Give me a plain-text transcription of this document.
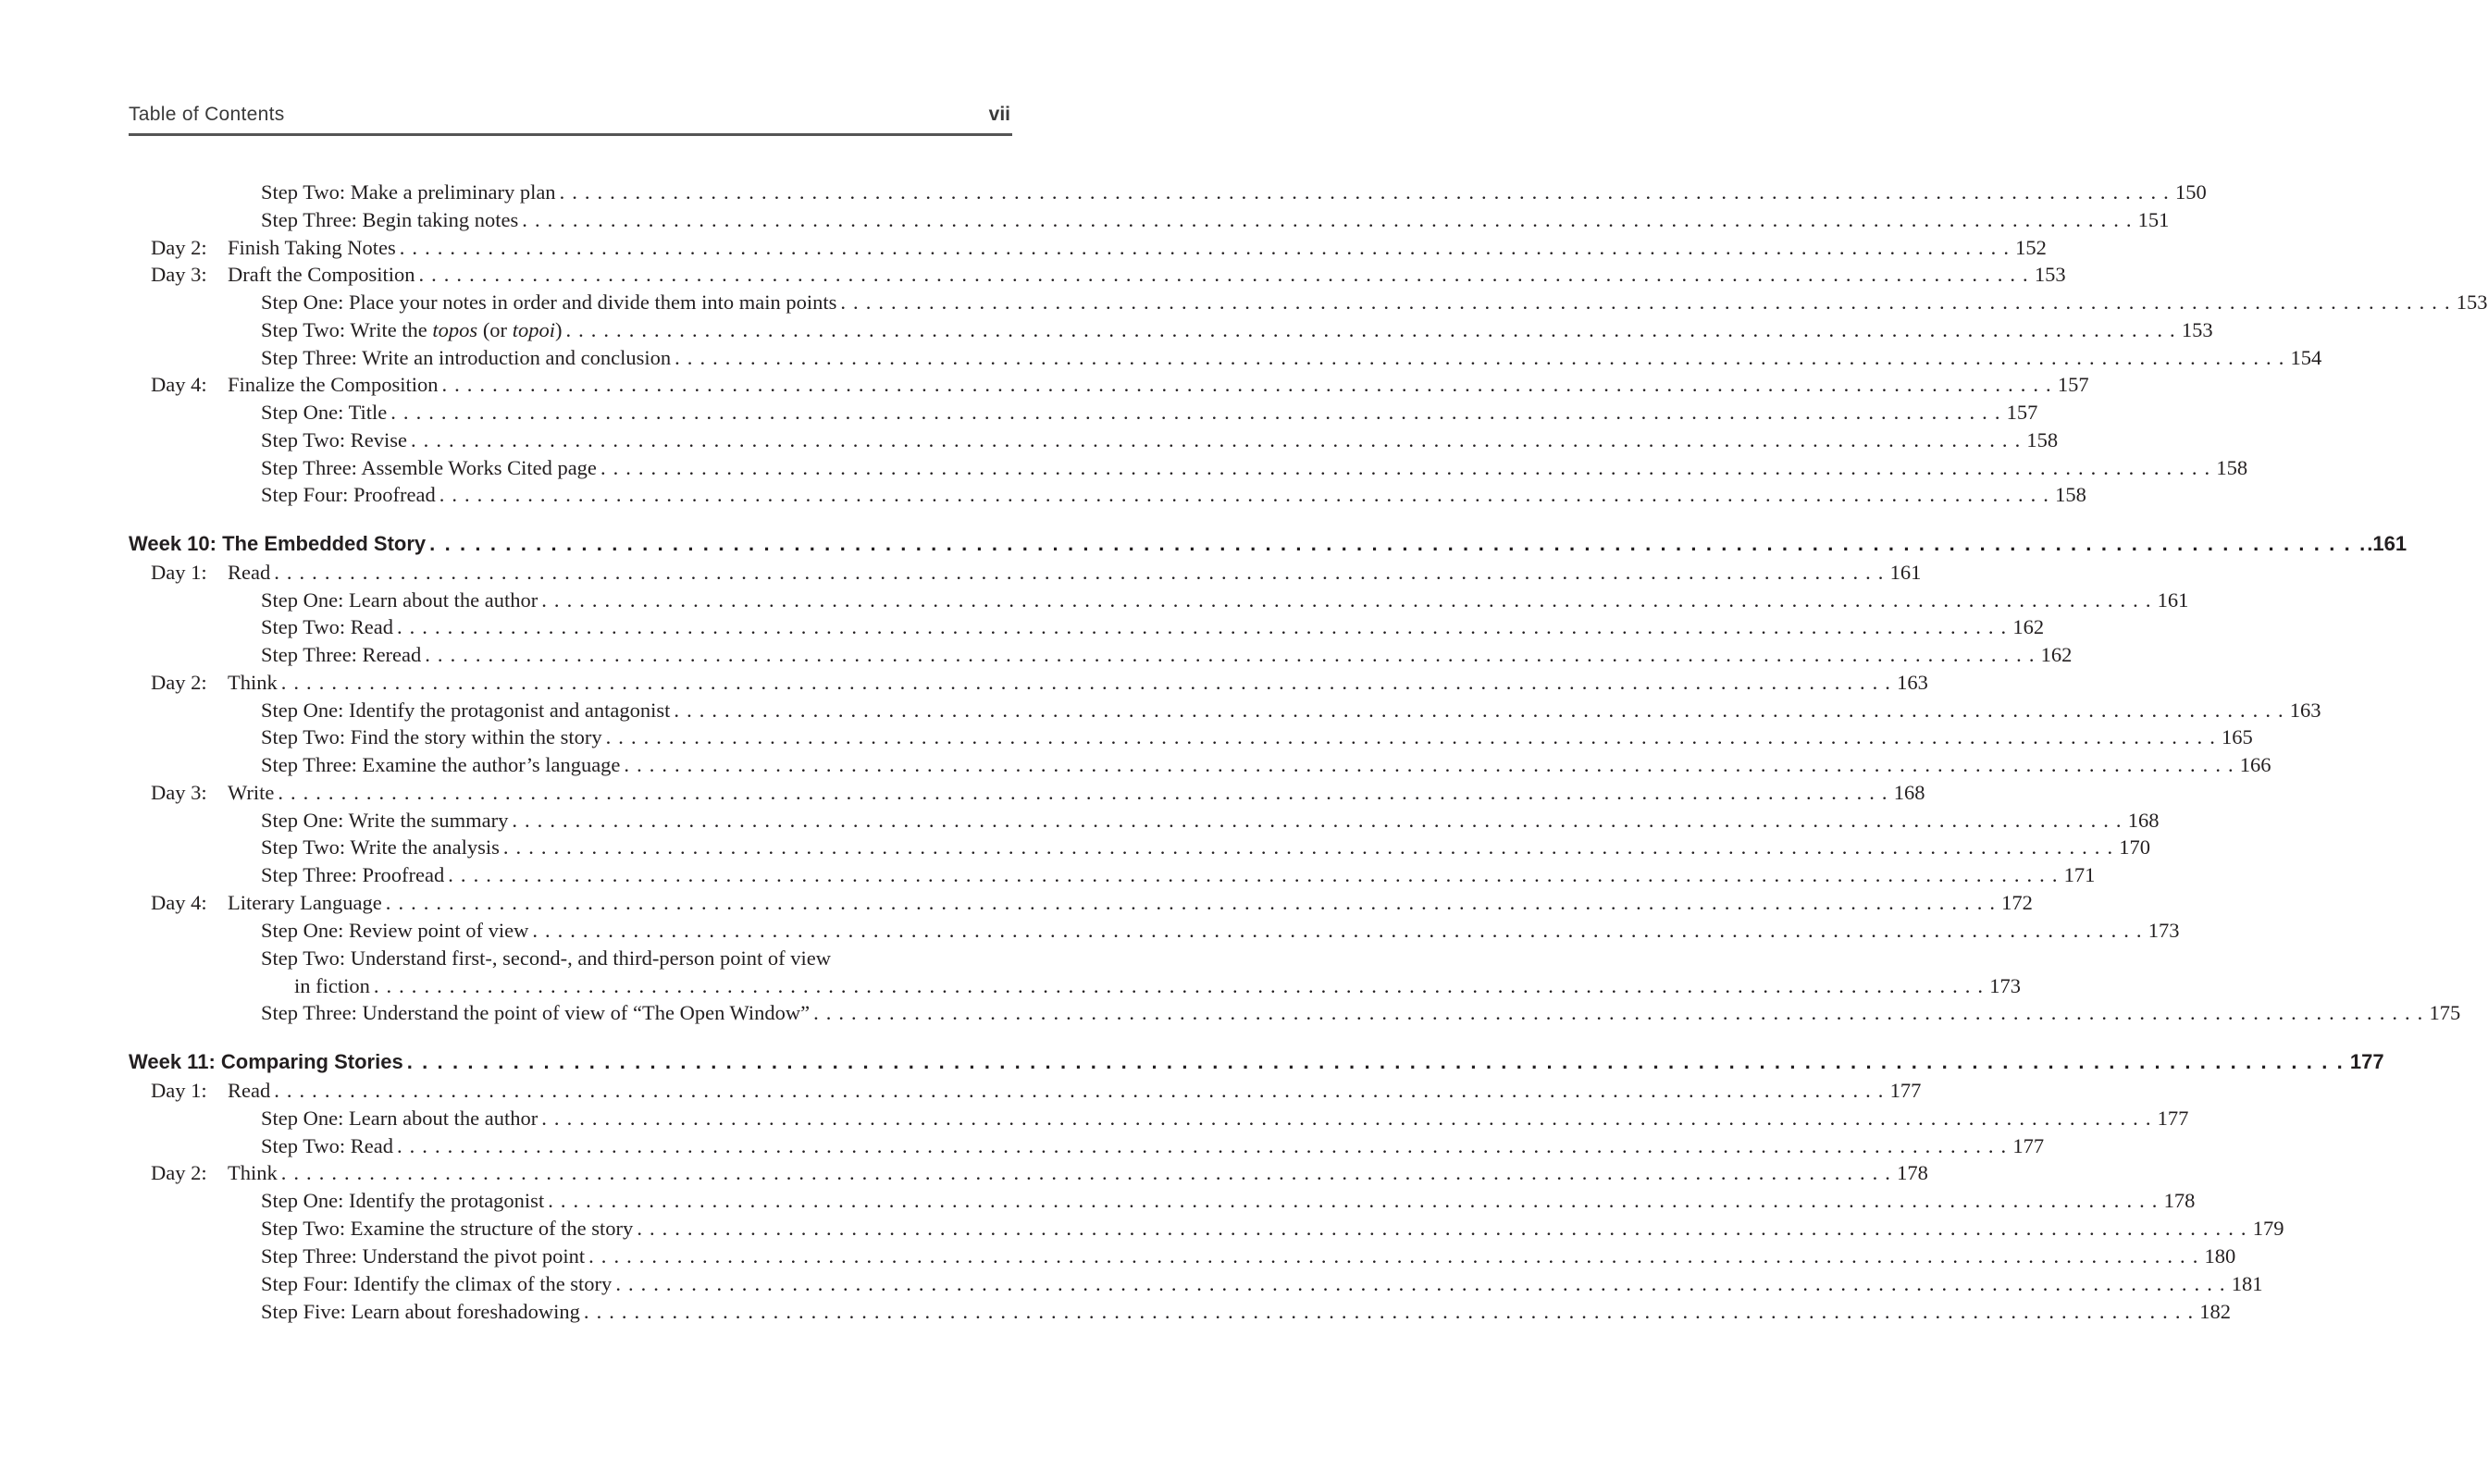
Table of Contents	vii
Step Two: Make a preliminary plan . . .	150
Step Three: Begin taking notes . . .	151
Day 2: Finish Taking Notes . . .	152
Day 3: Draft the Composition . . .	153
Step One: Place your notes in order and divide them into main points . . .	153
Step Two: Write the topos (or topoi) . . .	153
Step Three: Write an introduction and conclusion . . .	154
Day 4: Finalize the Composition . . .	157
Step One: Title . . .	157
Step Two: Revise . . .	158
Step Three: Assemble Works Cited page . . .	158
Step Four: Proofread . . .	158
Week 10: The Embedded Story . . .	.161
Day 1: Read . . .	161
Step One: Learn about the author . . .	161
Step Two: Read . . .	162
Step Three: Reread . . .	162
Day 2: Think . . .	163
Step One: Identify the protagonist and antagonist . . .	163
Step Two: Find the story within the story . . .	165
Step Three: Examine the author’s language . . .	166
Day 3: Write . . .	168
Step One: Write the summary . . .	168
Step Two: Write the analysis . . .	170
Step Three: Proofread . . .	171
Day 4: Literary Language . . .	172
Step One: Review point of view . . .	173
Step Two: Understand first-, second-, and third-person point of view
in fiction . . .	173
Step Three: Understand the point of view of “The Open Window” . . .	175
Week 11: Comparing Stories . . .	177
Day 1: Read . . .	177
Step One: Learn about the author . . .	177
Step Two: Read . . .	177
Day 2: Think . . .	178
Step One: Identify the protagonist . . .	178
Step Two: Examine the structure of the story . . .	179
Step Three: Understand the pivot point . . .	180
Step Four: Identify the climax of the story . . .	181
Step Five: Learn about foreshadowing . . .	182
